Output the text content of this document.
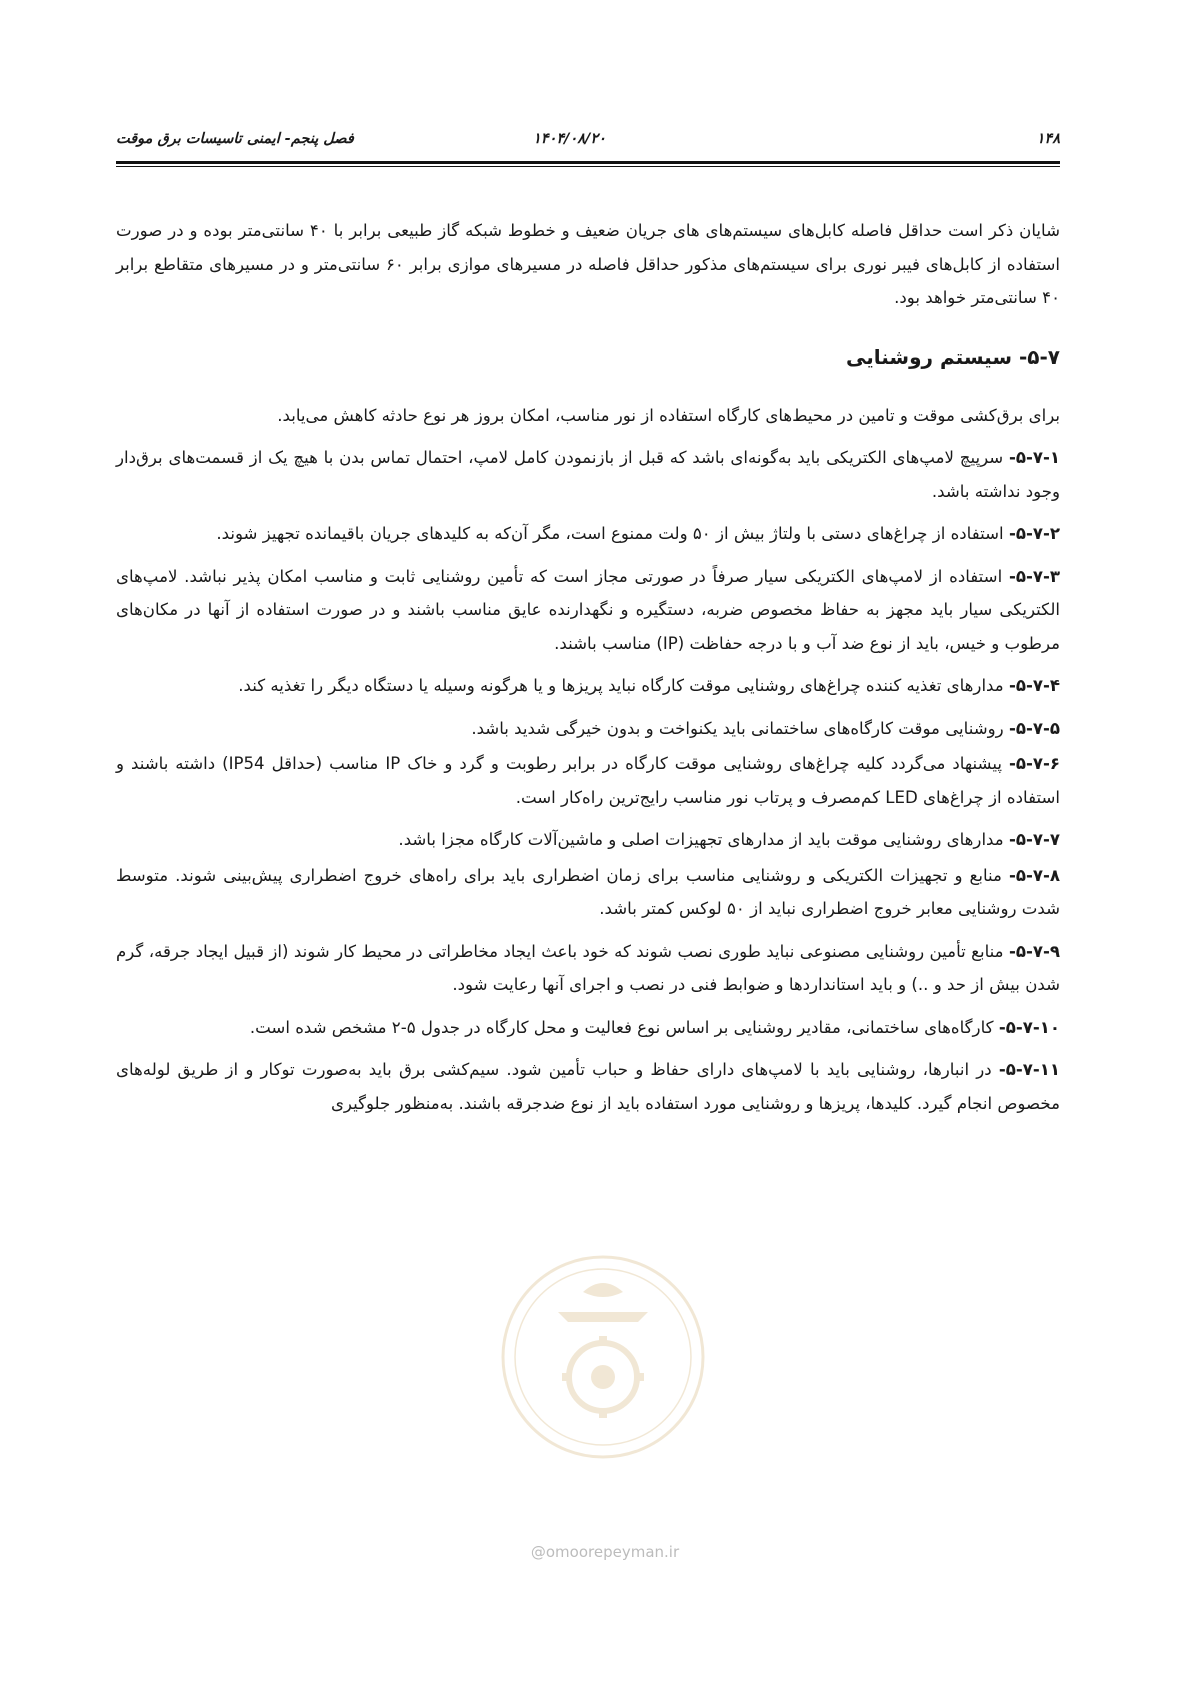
۱۴۸
۱۴۰۴/۰۸/۲۰
فصل پنجم- ایمنی تاسیسات برق موقت
@omoorepeyman.ir

شایان ذکر است حداقل فاصله کابل‌های سیستم‌های های جریان ضعیف و خطوط شبکه گاز طبیعی برابر با ۴۰ سانتی‌متر بوده و در صورت استفاده از کابل‌های فیبر نوری برای سیستم‌های مذکور حداقل فاصله در مسیرهای موازی برابر ۶۰ سانتی‌متر و در مسیرهای متقاطع برابر ۴۰ سانتی‌متر خواهد بود.

۵-۷- سیستم روشنایی

برای برق‌کشی موقت و تامین در محیط‌های کارگاه استفاده از نور مناسب، امکان بروز هر نوع حادثه کاهش می‌یابد.

۵-۷-۱- سرپیچ لامپ‌های الکتریکی باید به‌گونه‌ای باشد که قبل از بازنمودن کامل لامپ، احتمال تماس بدن با هیچ یک از قسمت‌های برق‌دار وجود نداشته باشد.

۵-۷-۲- استفاده از چراغ‌های دستی با ولتاژ بیش از ۵۰ ولت ممنوع است، مگر آن‌که به کلیدهای جریان باقیمانده تجهیز شوند.

۵-۷-۳- استفاده از لامپ‌های الکتریکی سیار صرفاً در صورتی مجاز است که تأمین روشنایی ثابت و مناسب امکان پذیر نباشد. لامپ‌های الکتریکی سیار باید مجهز به حفاظ مخصوص ضربه، دستگیره و نگهدارنده عایق مناسب باشند و در صورت استفاده از آنها در مکان‌های مرطوب و خیس، باید از نوع ضد آب و با درجه حفاظت (IP) مناسب باشند.

۵-۷-۴- مدارهای تغذیه کننده چراغ‌های روشنایی موقت کارگاه نباید پریزها و یا هرگونه وسیله یا دستگاه دیگر را تغذیه کند.

۵-۷-۵- روشنایی موقت کارگاه‌های ساختمانی باید یکنواخت و بدون خیرگی شدید باشد.

۵-۷-۶- پیشنهاد می‌گردد کلیه چراغ‌های روشنایی موقت کارگاه در برابر رطوبت و گرد و خاک IP مناسب (حداقل IP54) داشته باشند و استفاده از چراغ‌های LED کم‌مصرف و پرتاب نور مناسب رایج‌ترین راه‌کار است.

۵-۷-۷- مدارهای روشنایی موقت باید از مدارهای تجهیزات اصلی و ماشین‌آلات کارگاه مجزا باشد.

۵-۷-۸- منابع و تجهیزات الکتریکی و روشنایی مناسب برای زمان اضطراری باید برای راه‌های خروج اضطراری پیش‌بینی شوند. متوسط شدت روشنایی معابر خروج اضطراری نباید از ۵۰ لوکس کمتر باشد.

۵-۷-۹- منابع تأمین روشنایی مصنوعی نباید طوری نصب شوند که خود باعث ایجاد مخاطراتی در محیط کار شوند (از قبیل ایجاد جرقه، گرم شدن بیش از حد و ..) و باید استانداردها و ضوابط فنی در نصب و اجرای آنها رعایت شود.

۵-۷-۱۰- کارگاه‌های ساختمانی، مقادیر روشنایی بر اساس نوع فعالیت و محل کارگاه در جدول ۵-۲ مشخص شده است.

۵-۷-۱۱- در انبارها، روشنایی باید با لامپ‌های دارای حفاظ و حباب تأمین شود. سیم‌کشی برق باید به‌صورت توکار و از طریق لوله‌های مخصوص انجام گیرد. کلیدها، پریزها و روشنایی مورد استفاده باید از نوع ضدجرقه باشند. به‌منظور جلوگیری
